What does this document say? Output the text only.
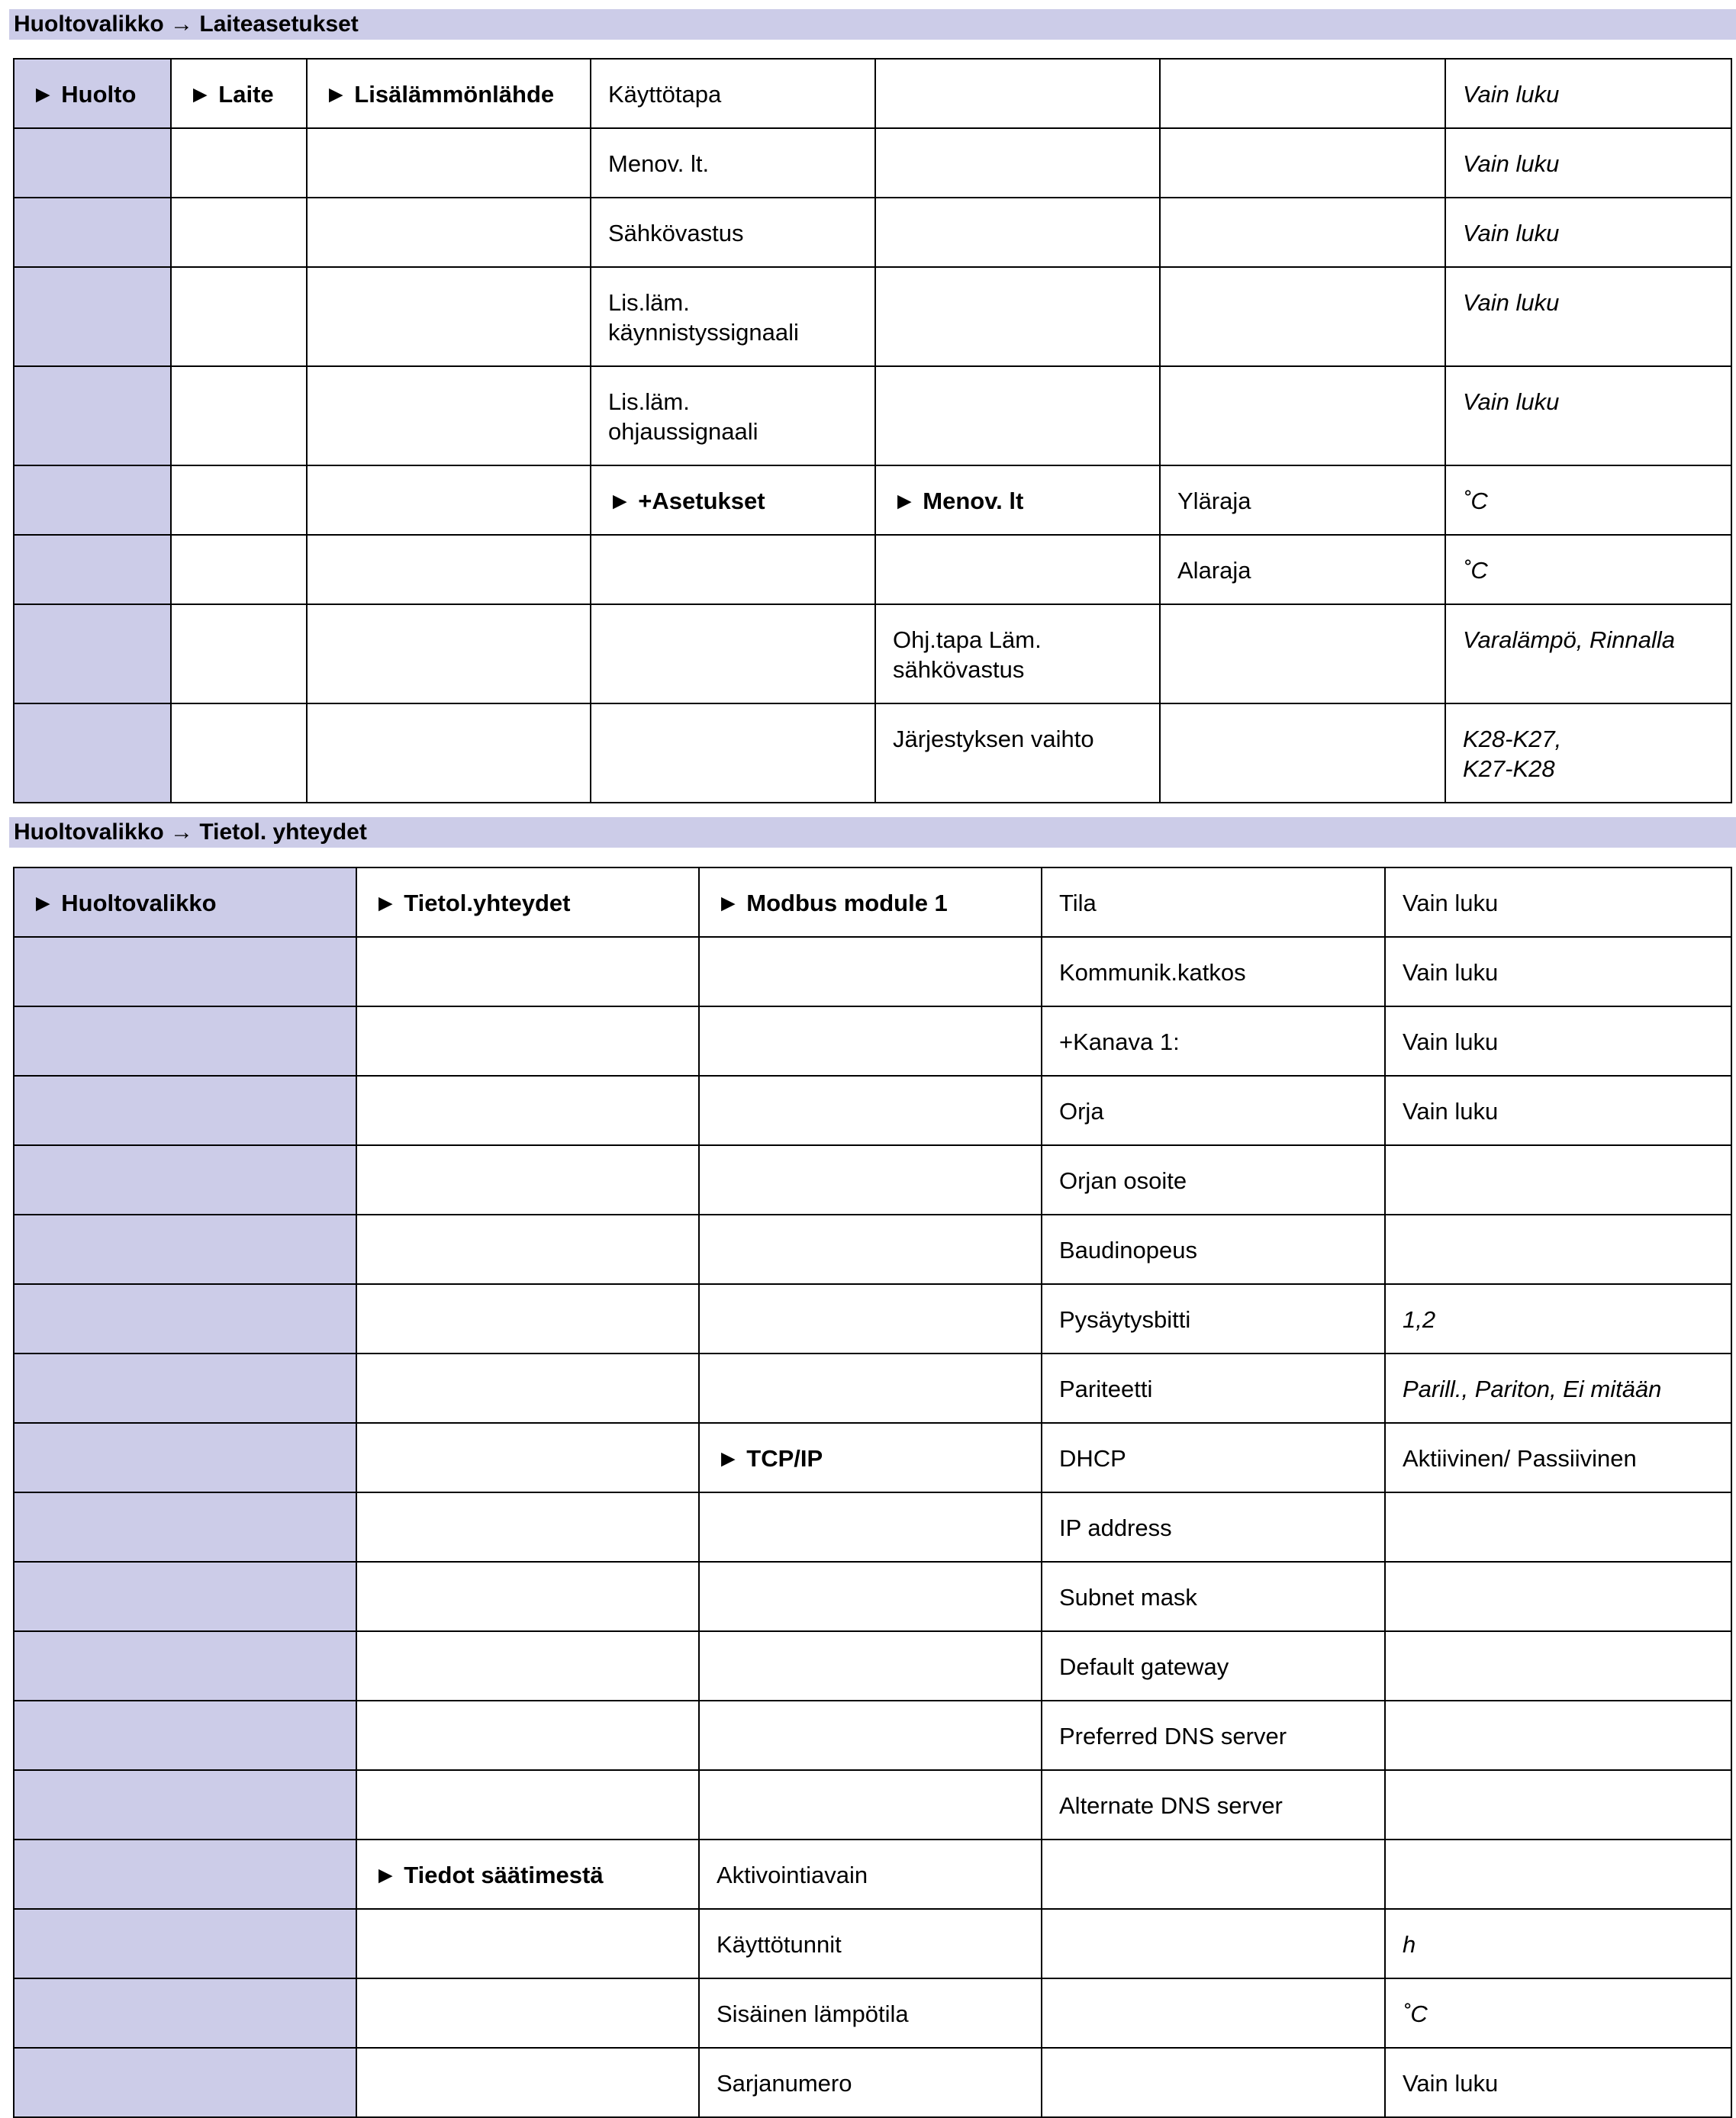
Huoltovalikko → Laiteasetukset
► Huolto	► Laite	► Lisälämmönlähde	Käyttötapa			Vain luku

			Menov. lt.			Vain luku

			Sähkövastus			Vain luku

			Lis.läm.
käynnistyssignaali			Vain luku

			Lis.läm.
ohjaussignaali			Vain luku

			► +Asetukset	► Menov. lt	Yläraja	˚C

					Alaraja	˚C

				Ohj.tapa Läm.
sähkövastus		Varalämpö, Rinnalla

				Järjestyksen vaihto		K28-K27,
K27-K28
Huoltovalikko → Tietol. yhteydet
► Huoltovalikko	► Tietol.yhteydet	► Modbus module 1	Tila	Vain luku

			Kommunik.katkos	Vain luku

			+Kanava 1:	Vain luku

			Orja	Vain luku

			Orjan osoite	

			Baudinopeus	

			Pysäytysbitti	1,2

			Pariteetti	Parill., Pariton, Ei mitään

		► TCP/IP	DHCP	Aktiivinen/ Passiivinen

			IP address	

			Subnet mask	

			Default gateway	

			Preferred DNS server	

			Alternate DNS server	

	► Tiedot säätimestä	Aktivointiavain		

		Käyttötunnit		h

		Sisäinen lämpötila		˚C

		Sarjanumero		Vain luku
